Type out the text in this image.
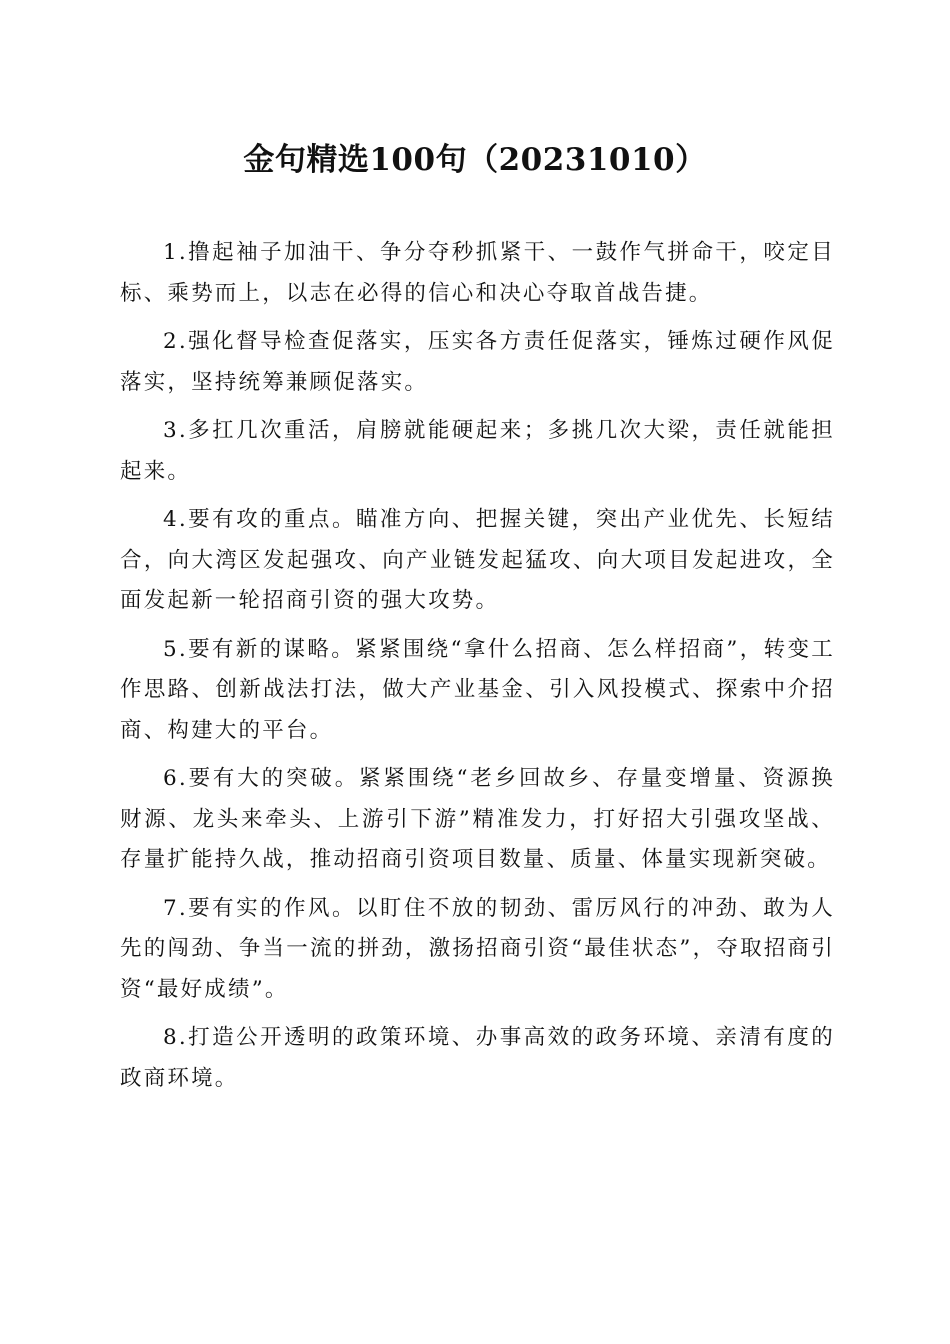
金句精选100句（20231010）

1.撸起袖子加油干、争分夺秒抓紧干、一鼓作气拼命干，咬定目标、乘势而上，以志在必得的信心和决心夺取首战告捷。

2.强化督导检查促落实，压实各方责任促落实，锤炼过硬作风促落实，坚持统筹兼顾促落实。

3.多扛几次重活，肩膀就能硬起来；多挑几次大梁，责任就能担起来。

4.要有攻的重点。瞄准方向、把握关键，突出产业优先、长短结合，向大湾区发起强攻、向产业链发起猛攻、向大项目发起进攻，全面发起新一轮招商引资的强大攻势。

5.要有新的谋略。紧紧围绕“拿什么招商、怎么样招商”，转变工作思路、创新战法打法，做大产业基金、引入风投模式、探索中介招商、构建大的平台。

6.要有大的突破。紧紧围绕“老乡回故乡、存量变增量、资源换财源、龙头来牵头、上游引下游”精准发力，打好招大引强攻坚战、存量扩能持久战，推动招商引资项目数量、质量、体量实现新突破。

7.要有实的作风。以盯住不放的韧劲、雷厉风行的冲劲、敢为人先的闯劲、争当一流的拼劲，激扬招商引资“最佳状态”，夺取招商引资“最好成绩”。

8.打造公开透明的政策环境、办事高效的政务环境、亲清有度的政商环境。
